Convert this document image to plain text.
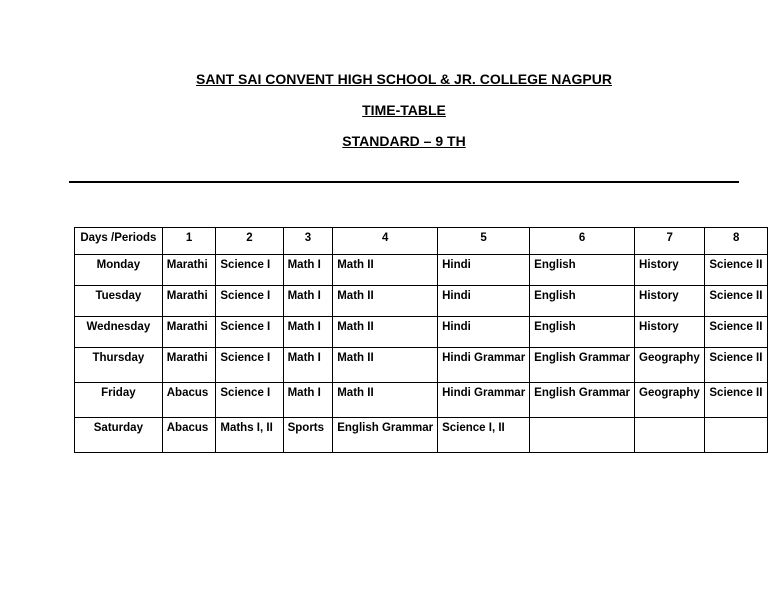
SANT SAI CONVENT HIGH SCHOOL & JR. COLLEGE NAGPUR
TIME-TABLE
STANDARD – 9 TH
Days /Periods	1	2	3	4	5	6	7	8
Monday	Marathi	Science I	Math I	Math II	Hindi	English	History	Science II
Tuesday	Marathi	Science I	Math I	Math II	Hindi	English	History	Science II
Wednesday	Marathi	Science I	Math I	Math II	Hindi	English	History	Science II
Thursday	Marathi	Science I	Math I	Math II	Hindi Grammar	English Grammar	Geography	Science II
Friday	Abacus	Science I	Math I	Math II	Hindi Grammar	English Grammar	Geography	Science II
Saturday	Abacus	Maths I, II	Sports	English Grammar	Science I, II			
